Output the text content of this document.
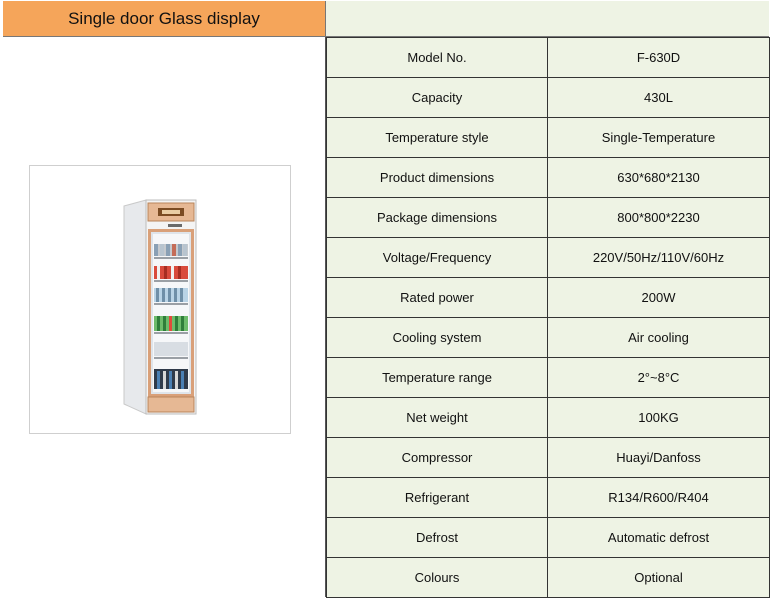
Single door Glass display
Model No.	F-630D
Capacity	430L
Temperature style	Single-Temperature
Product dimensions	630*680*2130
Package dimensions	800*800*2230
Voltage/Frequency	220V/50Hz/110V/60Hz
Rated power	200W
Cooling system	Air cooling
Temperature range	2°~8°C
Net weight	100KG
Compressor	Huayi/Danfoss
Refrigerant	R134/R600/R404
Defrost	Automatic defrost
Colours	Optional
